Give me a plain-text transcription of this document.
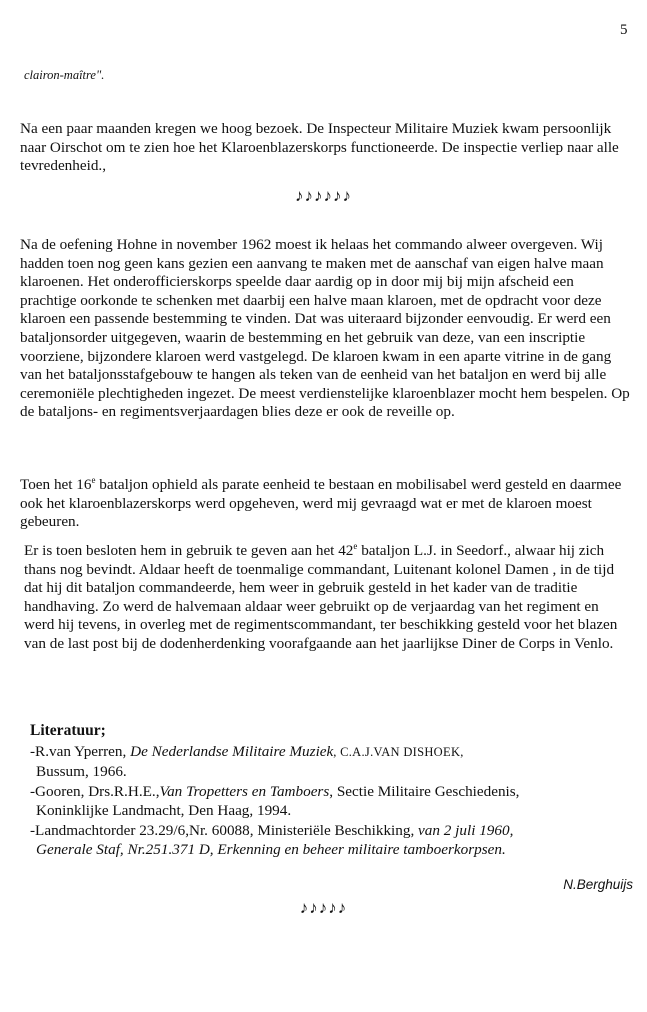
5
clairon-maître".

Na een paar maanden kregen we hoog bezoek. De Inspecteur Militaire Muziek kwam persoonlijk naar Oirschot om te zien hoe het Klaroenblazerskorps functioneerde. De inspectie verliep naar alle tevredenheid.,

♪♪♪♪♪♪

Na de oefening Hohne in november 1962 moest ik helaas het commando alweer overgeven. Wij hadden toen nog geen kans gezien een aanvang te maken met de aanschaf van eigen halve maan klaroenen. Het onderofficierskorps speelde daar aardig op in door mij bij mijn afscheid een prachtige oorkonde te schenken met daarbij een halve maan klaroen, met de opdracht voor deze klaroen een passende bestemming te vinden. Dat was uiteraard bijzonder eenvoudig. Er werd een bataljonsorder uitgegeven, waarin de bestemming en het gebruik van deze, van een inscriptie voorziene, bijzondere klaroen werd vastgelegd. De klaroen kwam in een aparte vitrine in de gang van het bataljonsstafgebouw te hangen als teken van de eenheid van het bataljon en werd bij alle ceremoniële plechtigheden ingezet. De meest verdienstelijke klaroenblazer mocht hem bespelen. Op de bataljons- en regimentsverjaardagen blies deze er ook de reveille op.

Toen het 16e bataljon ophield als parate eenheid te bestaan en mobilisabel werd gesteld en daarmee ook het klaroenblazerskorps werd opgeheven, werd mij gevraagd wat er met de klaroen moest gebeuren.

Er is toen besloten hem in gebruik te geven aan het 42e bataljon L.J. in Seedorf., alwaar hij zich thans nog bevindt. Aldaar heeft de toenmalige commandant, Luitenant kolonel Damen , in de tijd dat hij dit bataljon commandeerde, hem weer in gebruik gesteld in het kader van de traditie handhaving. Zo werd de halvemaan aldaar weer gebruikt op de verjaardag van het regiment en werd hij tevens, in overleg met de regimentscommandant, ter beschikking gesteld voor het blazen van de last post bij de dodenherdenking voorafgaande aan het jaarlijkse Diner de Corps in Venlo.

Literatuur;
-R.van Yperren, De Nederlandse Militaire Muziek, C.A.J.VAN DISHOEK,
Bussum, 1966.
-Gooren, Drs.R.H.E.,Van Tropetters en Tamboers, Sectie Militaire Geschiedenis,
Koninklijke Landmacht, Den Haag, 1994.
-Landmachtorder 23.29/6,Nr. 60088, Ministeriële Beschikking, van 2 juli 1960,
Generale Staf, Nr.251.371 D, Erkenning en beheer militaire tamboerkorpsen.
N.Berghuijs
♪♪♪♪♪
